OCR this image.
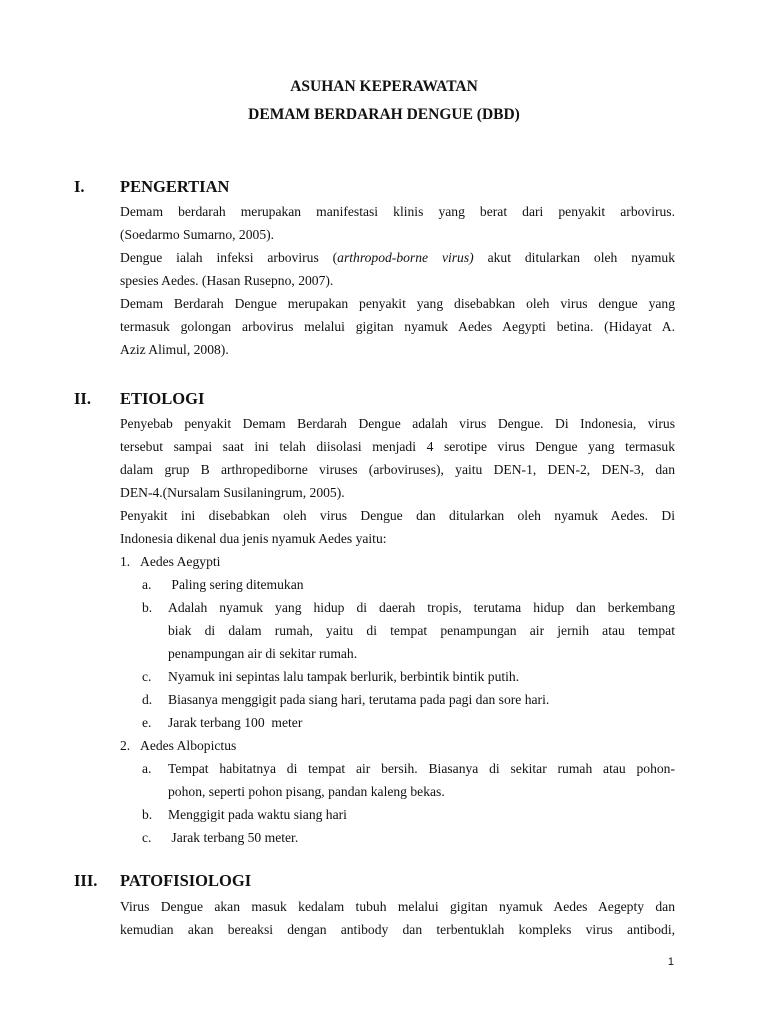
ASUHAN KEPERAWATAN
DEMAM BERDARAH DENGUE (DBD)
I. PENGERTIAN
Demam berdarah merupakan manifestasi klinis yang berat dari penyakit arbovirus.
(Soedarmo Sumarno, 2005).
Dengue ialah infeksi arbovirus (arthropod-borne virus) akut ditularkan oleh nyamuk
spesies Aedes. (Hasan Rusepno, 2007).
Demam Berdarah Dengue merupakan penyakit yang disebabkan oleh virus dengue yang
termasuk golongan arbovirus melalui gigitan nyamuk Aedes Aegypti betina. (Hidayat A.
Aziz Alimul, 2008).
II. ETIOLOGI
Penyebab penyakit Demam Berdarah Dengue adalah virus Dengue. Di Indonesia, virus
tersebut sampai saat ini telah diisolasi menjadi 4 serotipe virus Dengue yang termasuk
dalam grup B arthropediborne viruses (arboviruses), yaitu DEN-1, DEN-2, DEN-3, dan
DEN-4.(Nursalam Susilaningrum, 2005).
Penyakit ini disebabkan oleh virus Dengue dan ditularkan oleh nyamuk Aedes. Di
Indonesia dikenal dua jenis nyamuk Aedes yaitu:
1. Aedes Aegypti
a. Paling sering ditemukan
b. Adalah nyamuk yang hidup di daerah tropis, terutama hidup dan berkembang
biak di dalam rumah, yaitu di tempat penampungan air jernih atau tempat
penampungan air di sekitar rumah.
c. Nyamuk ini sepintas lalu tampak berlurik, berbintik bintik putih.
d. Biasanya menggigit pada siang hari, terutama pada pagi dan sore hari.
e. Jarak terbang 100  meter
2. Aedes Albopictus
a. Tempat habitatnya di tempat air bersih. Biasanya di sekitar rumah atau pohon-
pohon, seperti pohon pisang, pandan kaleng bekas.
b. Menggigit pada waktu siang hari
c. Jarak terbang 50 meter.
III. PATOFISIOLOGI
Virus Dengue akan masuk kedalam tubuh melalui gigitan nyamuk Aedes Aegepty dan
kemudian akan bereaksi dengan antibody dan terbentuklah kompleks virus antibodi,
1
